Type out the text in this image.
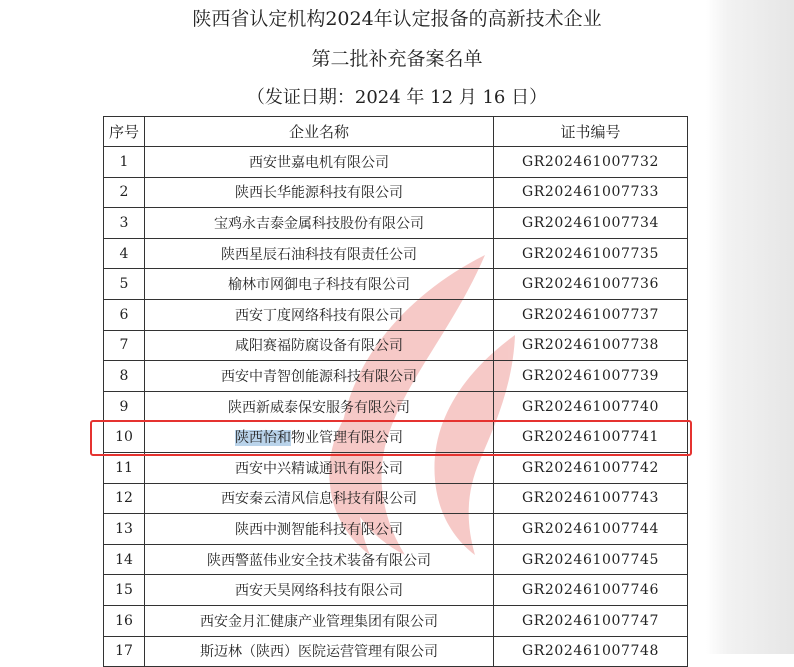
陕西省认定机构2024年认定报备的高新技术企业
第二批补充备案名单
（发证日期：2024 年 12 月 16 日）
序号	企业名称	证书编号
1	西安世嘉电机有限公司	GR202461007732
2	陕西长华能源科技有限公司	GR202461007733
3	宝鸡永吉泰金属科技股份有限公司	GR202461007734
4	陕西星辰石油科技有限责任公司	GR202461007735
5	榆林市网御电子科技有限公司	GR202461007736
6	西安丁度网络科技有限公司	GR202461007737
7	咸阳赛福防腐设备有限公司	GR202461007738
8	西安中青智创能源科技有限公司	GR202461007739
9	陕西新威泰保安服务有限公司	GR202461007740
10	陕西怡和物业管理有限公司	GR202461007741
11	西安中兴精诚通讯有限公司	GR202461007742
12	西安秦云清风信息科技有限公司	GR202461007743
13	陕西中测智能科技有限公司	GR202461007744
14	陕西警蓝伟业安全技术装备有限公司	GR202461007745
15	西安天昊网络科技有限公司	GR202461007746
16	西安金月汇健康产业管理集团有限公司	GR202461007747
17	斯迈林（陕西）医院运营管理有限公司	GR202461007748
